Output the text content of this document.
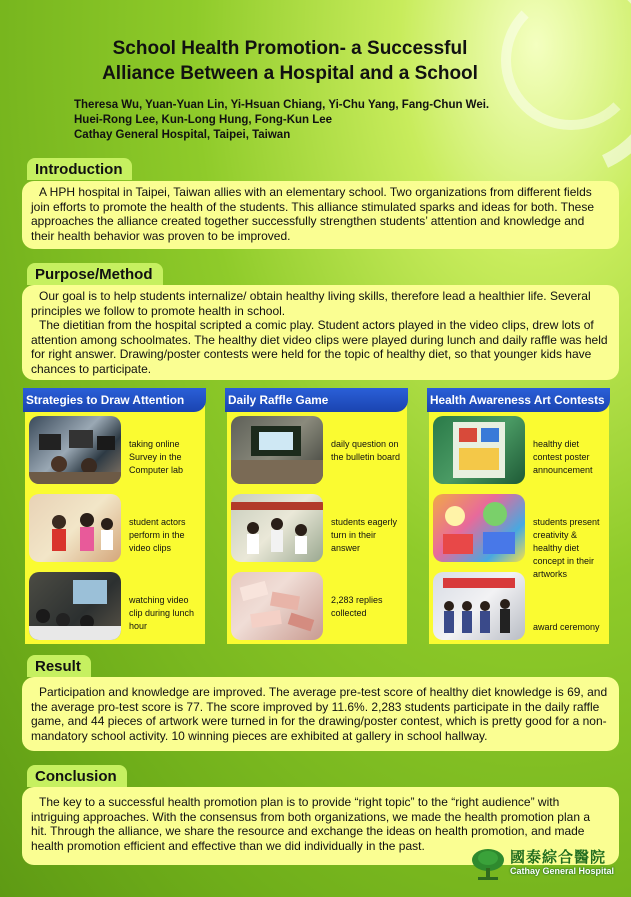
School Health Promotion- a Successful
Alliance Between a Hospital and a School
Theresa Wu, Yuan-Yuan Lin, Yi-Hsuan Chiang, Yi-Chu Yang, Fang-Chun Wei.
Huei-Rong Lee, Kun-Long Hung, Fong-Kun Lee
Cathay General Hospital, Taipei, Taiwan
Introduction

A HPH hospital in Taipei, Taiwan allies with an elementary school. Two organizations from different fields join efforts to promote the health of the students. This alliance stimulated sparks and ideas for both. These approaches the alliance created together successfully strengthen students’ attention and knowledge and their health behavior was proven to be improved.

Purpose/Method

Our goal is to help students internalize/ obtain healthy living skills, therefore lead a healthier life. Several principles we follow to promote health in school.

The dietitian from the hospital scripted a comic play. Student actors played in the video clips, drew lots of attention among schoolmates. The healthy diet video clips were played during lunch and daily raffle was held for right answer. Drawing/poster contests were held for the topic of healthy diet, so that younger kids have chances to participate.

Strategies to Draw Attention
taking online Survey in the Computer lab
student actors perform in the video clips
watching video clip during lunch hour
Daily Raffle Game
daily question on the bulletin board
students eagerly turn in their answer
2,283 replies collected
Health Awareness Art Contests
healthy diet contest poster announcement
students present creativity & healthy diet concept in their artworks
award ceremony
Result

Participation and knowledge are improved. The average pre-test score of healthy diet knowledge is 69, and the average pro-test score is 77. The score improved by 11.6%. 2,283 students participate in the daily raffle game, and 44 pieces of artwork were turned in for the drawing/poster contest, which is pretty good for a non-mandatory school activity. 10 winning pieces are exhibited at gallery in school hallway.

Conclusion

The key to a successful health promotion plan is to provide “right topic” to the “right audience” with intriguing approaches. With the consensus from both organizations, we made the health promotion plan a hit. Through the alliance, we share the resource and exchange the ideas on health promotion, and made health promotion efficient and effective than we did individually in the past.

國泰綜合醫院
Cathay General Hospital
